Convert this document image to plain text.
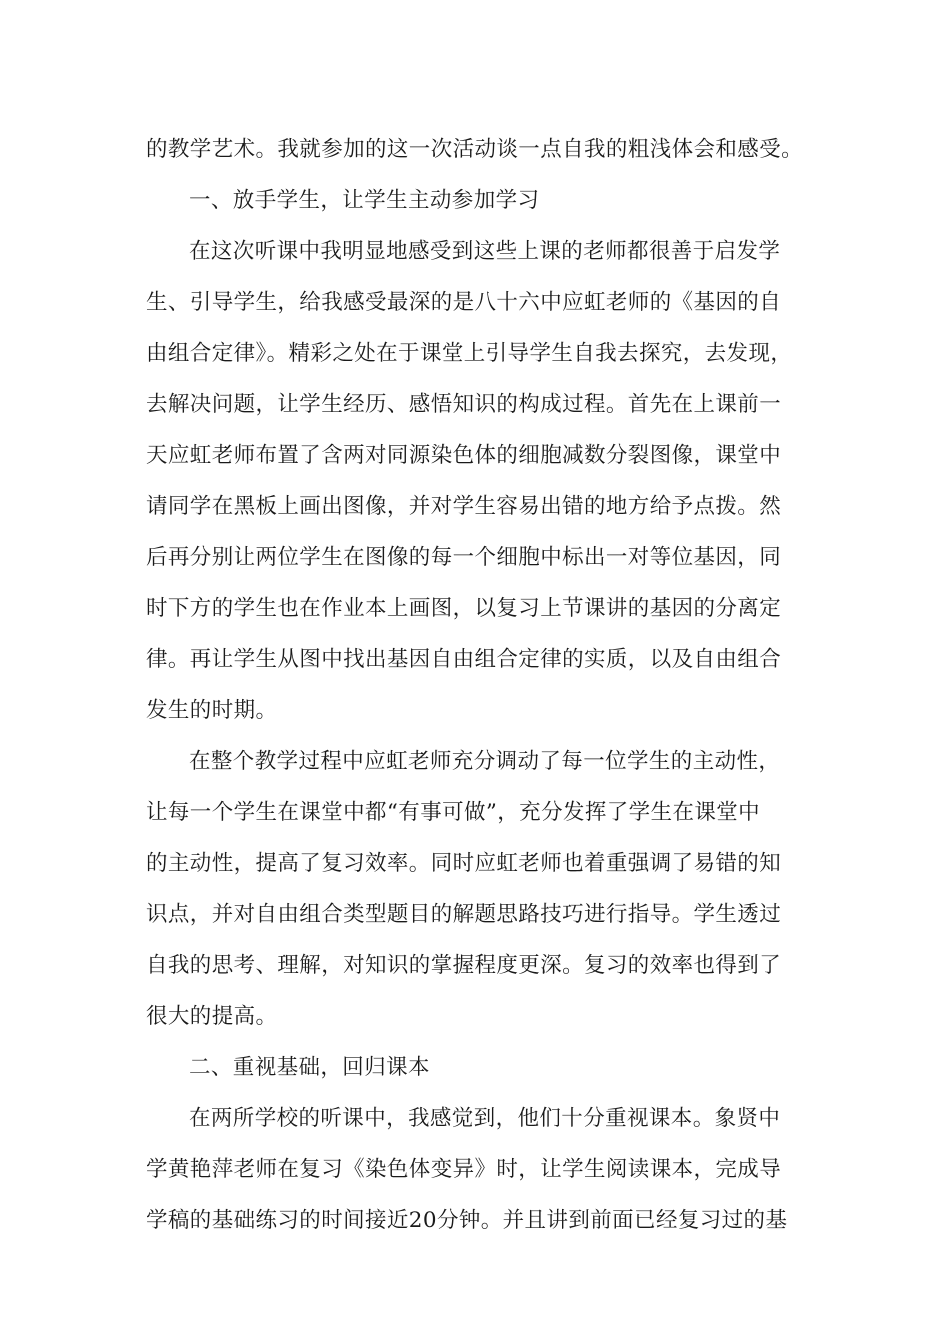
的教学艺术。我就参加的这一次活动谈一点自我的粗浅体会和感受。
一、放手学生，让学生主动参加学习
在这次听课中我明显地感受到这些上课的老师都很善于启发学
生、引导学生，给我感受最深的是八十六中应虹老师的《基因的自
由组合定律》。精彩之处在于课堂上引导学生自我去探究，去发现，
去解决问题，让学生经历、感悟知识的构成过程。首先在上课前一
天应虹老师布置了含两对同源染色体的细胞减数分裂图像，课堂中
请同学在黑板上画出图像，并对学生容易出错的地方给予点拨。然
后再分别让两位学生在图像的每一个细胞中标出一对等位基因，同
时下方的学生也在作业本上画图，以复习上节课讲的基因的分离定
律。再让学生从图中找出基因自由组合定律的实质，以及自由组合
发生的时期。
在整个教学过程中应虹老师充分调动了每一位学生的主动性，
让每一个学生在课堂中都“有事可做”，充分发挥了学生在课堂中
的主动性，提高了复习效率。同时应虹老师也着重强调了易错的知
识点，并对自由组合类型题目的解题思路技巧进行指导。学生透过
自我的思考、理解，对知识的掌握程度更深。复习的效率也得到了
很大的提高。
二、重视基础，回归课本
在两所学校的听课中，我感觉到，他们十分重视课本。象贤中
学黄艳萍老师在复习《染色体变异》时，让学生阅读课本，完成导
学稿的基础练习的时间接近20分钟。并且讲到前面已经复习过的基
